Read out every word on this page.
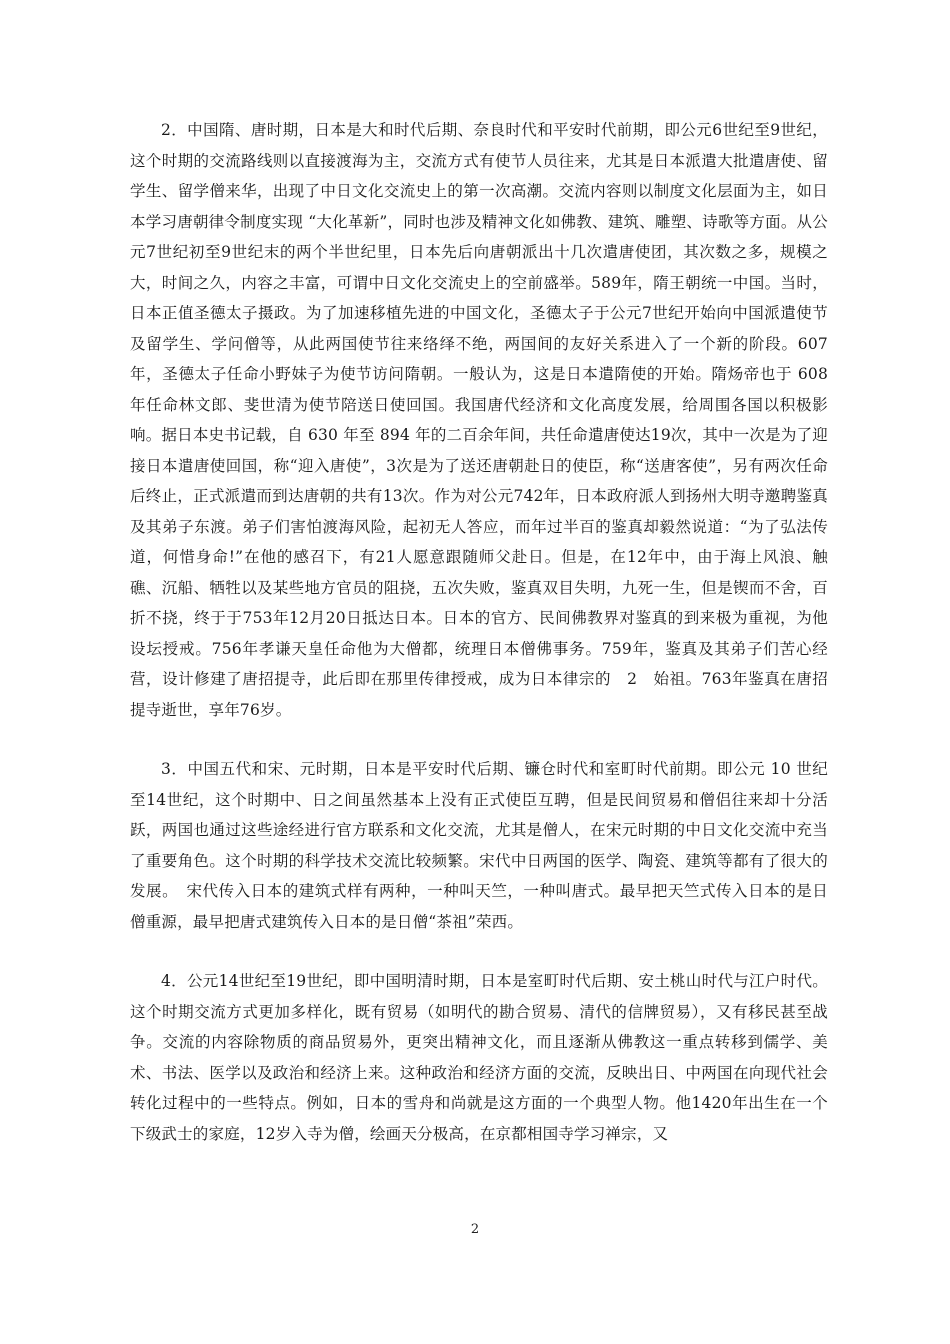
2．中国隋、唐时期，日本是大和时代后期、奈良时代和平安时代前期，即公元6世纪至9世纪，这个时期的交流路线则以直接渡海为主，交流方式有使节人员往来，尤其是日本派遣大批遣唐使、留学生、留学僧来华，出现了中日文化交流史上的第一次高潮。交流内容则以制度文化层面为主，如日本学习唐朝律令制度实现 “大化革新”，同时也涉及精神文化如佛教、建筑、雕塑、诗歌等方面。从公元7世纪初至9世纪末的两个半世纪里，日本先后向唐朝派出十几次遣唐使团，其次数之多，规模之大，时间之久，内容之丰富，可谓中日文化交流史上的空前盛举。589年，隋王朝统一中国。当时，日本正值圣德太子摄政。为了加速移植先进的中国文化，圣德太子于公元7世纪开始向中国派遣使节及留学生、学问僧等，从此两国使节往来络绎不绝，两国间的友好关系进入了一个新的阶段。607年，圣德太子任命小野妹子为使节访问隋朝。一般认为，这是日本遣隋使的开始。隋炀帝也于 608 年任命林文郎、斐世清为使节陪送日使回国。我国唐代经济和文化高度发展，给周围各国以积极影响。据日本史书记载，自 630 年至 894 年的二百余年间，共任命遣唐使达19次，其中一次是为了迎接日本遣唐使回国，称“迎入唐使”，3次是为了送还唐朝赴日的使臣，称“送唐客使”，另有两次任命后终止，正式派遣而到达唐朝的共有13次。作为对公元742年，日本政府派人到扬州大明寺邀聘鉴真及其弟子东渡。弟子们害怕渡海风险，起初无人答应，而年过半百的鉴真却毅然说道：“为了弘法传道，何惜身命!”在他的感召下，有21人愿意跟随师父赴日。但是，在12年中，由于海上风浪、触礁、沉船、牺牲以及某些地方官员的阻挠，五次失败，鉴真双目失明，九死一生，但是锲而不舍，百折不挠，终于于753年12月20日抵达日本。日本的官方、民间佛教界对鉴真的到来极为重视，为他设坛授戒。756年孝谦天皇任命他为大僧都，统理日本僧佛事务。759年，鉴真及其弟子们苦心经营，设计修建了唐招提寺，此后即在那里传律授戒，成为日本律宗的　2　始祖。763年鉴真在唐招提寺逝世，享年76岁。

3．中国五代和宋、元时期，日本是平安时代后期、镰仓时代和室町时代前期。即公元 10 世纪至14世纪，这个时期中、日之间虽然基本上没有正式使臣互聘，但是民间贸易和僧侣往来却十分活跃，两国也通过这些途经进行官方联系和文化交流，尤其是僧人，在宋元时期的中日文化交流中充当了重要角色。这个时期的科学技术交流比较频繁。宋代中日两国的医学、陶瓷、建筑等都有了很大的发展。　宋代传入日本的建筑式样有两种，一种叫天竺，一种叫唐式。最早把天竺式传入日本的是日僧重源，最早把唐式建筑传入日本的是日僧“茶祖”荣西。

4．公元14世纪至19世纪，即中国明清时期，日本是室町时代后期、安土桃山时代与江户时代。这个时期交流方式更加多样化，既有贸易（如明代的勘合贸易、清代的信牌贸易），又有移民甚至战争。交流的内容除物质的商品贸易外，更突出精神文化，而且逐渐从佛教这一重点转移到儒学、美术、书法、医学以及政治和经济上来。这种政治和经济方面的交流，反映出日、中两国在向现代社会转化过程中的一些特点。例如，日本的雪舟和尚就是这方面的一个典型人物。他1420年出生在一个下级武士的家庭，12岁入寺为僧，绘画天分极高，在京都相国寺学习禅宗，又

2
